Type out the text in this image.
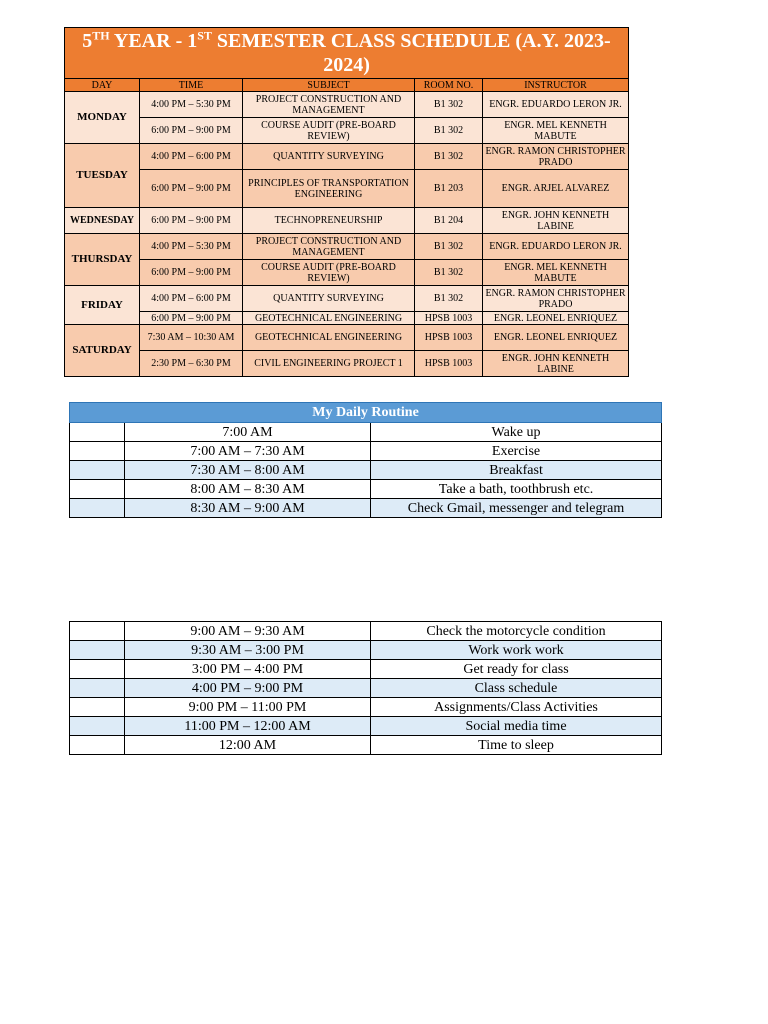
5TH YEAR - 1ST SEMESTER CLASS SCHEDULE (A.Y. 2023-2024)				
DAY	TIME	SUBJECT	ROOM NO.	INSTRUCTOR
MONDAY	4:00 PM – 5:30 PM	PROJECT CONSTRUCTION AND MANAGEMENT	B1 302	ENGR. EDUARDO LERON JR.
	6:00 PM – 9:00 PM	COURSE AUDIT (PRE-BOARD REVIEW)	B1 302	ENGR. MEL KENNETH MABUTE
TUESDAY	4:00 PM – 6:00 PM	QUANTITY SURVEYING	B1 302	ENGR. RAMON CHRISTOPHER PRADO
	6:00 PM – 9:00 PM	PRINCIPLES OF TRANSPORTATION ENGINEERING	B1 203	ENGR. ARJEL ALVAREZ
WEDNESDAY	6:00 PM – 9:00 PM	TECHNOPRENEURSHIP	B1 204	ENGR. JOHN KENNETH LABINE
THURSDAY	4:00 PM – 5:30 PM	PROJECT CONSTRUCTION AND MANAGEMENT	B1 302	ENGR. EDUARDO LERON JR.
	6:00 PM – 9:00 PM	COURSE AUDIT (PRE-BOARD REVIEW)	B1 302	ENGR. MEL KENNETH MABUTE
FRIDAY	4:00 PM – 6:00 PM	QUANTITY SURVEYING	B1 302	ENGR. RAMON CHRISTOPHER PRADO
	6:00 PM – 9:00 PM	GEOTECHNICAL ENGINEERING	HPSB 1003	ENGR. LEONEL ENRIQUEZ
SATURDAY	7:30 AM – 10:30 AM	GEOTECHNICAL ENGINEERING	HPSB 1003	ENGR. LEONEL ENRIQUEZ
	2:30 PM – 6:30 PM	CIVIL ENGINEERING PROJECT 1	HPSB 1003	ENGR. JOHN KENNETH LABINE
My Daily Routine		
	7:00 AM	Wake up
	7:00 AM – 7:30 AM	Exercise
	7:30 AM – 8:00 AM	Breakfast
	8:00 AM – 8:30 AM	Take a bath, toothbrush etc.
	8:30 AM – 9:00 AM	Check Gmail, messenger and telegram
	9:00 AM – 9:30 AM	Check the motorcycle condition
	9:30 AM – 3:00 PM	Work work work
	3:00 PM – 4:00 PM	Get ready for class
	4:00 PM – 9:00 PM	Class schedule
	9:00 PM – 11:00 PM	Assignments/Class Activities
	11:00 PM – 12:00 AM	Social media time
	12:00 AM	Time to sleep
